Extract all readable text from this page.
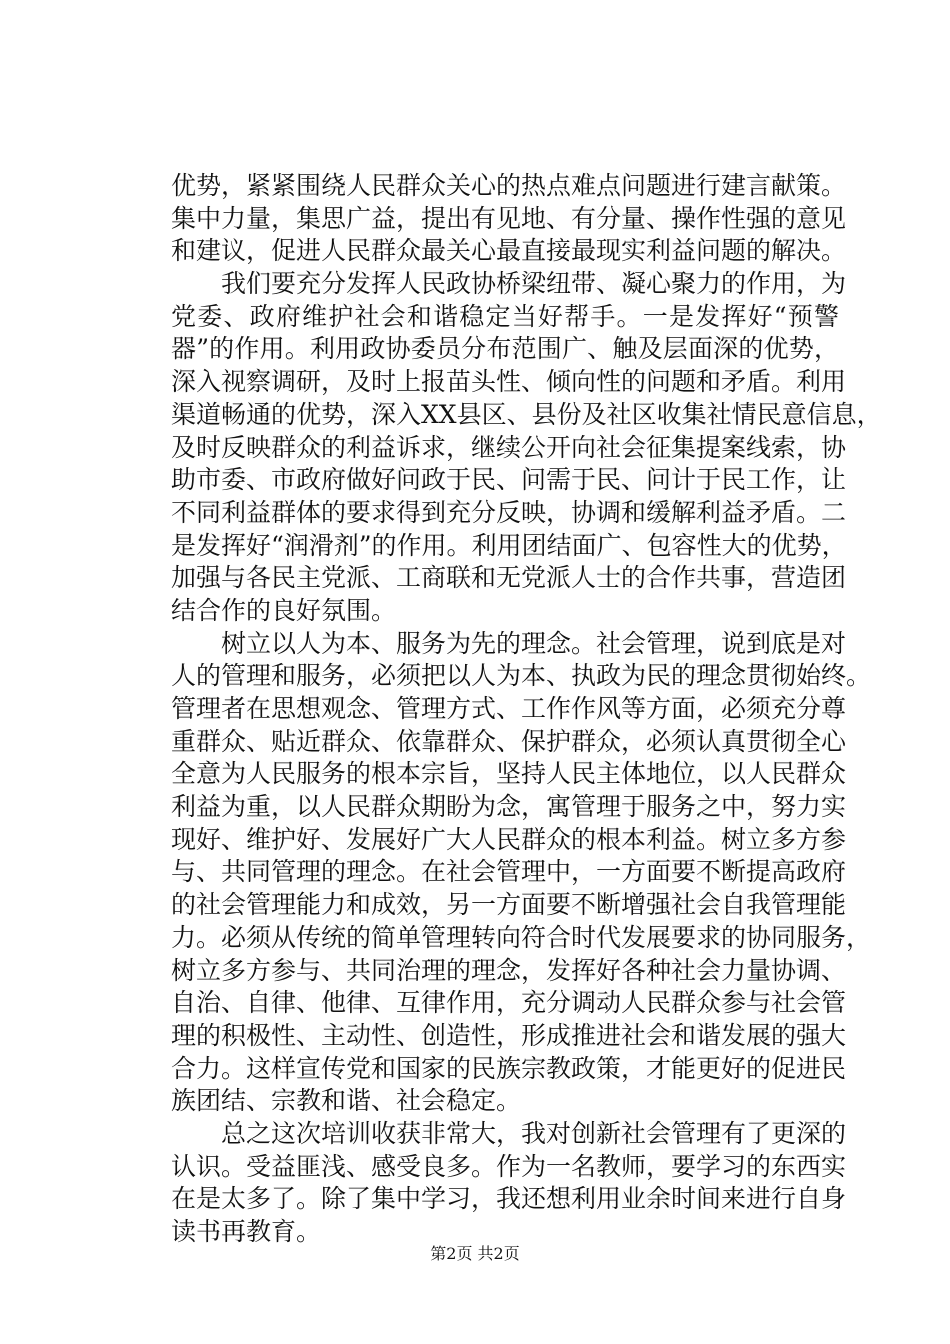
优势，紧紧围绕人民群众关心的热点难点问题进行建言献策。
集中力量，集思广益，提出有见地、有分量、操作性强的意见
和建议，促进人民群众最关心最直接最现实利益问题的解决。
我们要充分发挥人民政协桥梁纽带、凝心聚力的作用，为
党委、政府维护社会和谐稳定当好帮手。一是发挥好“预警
器”的作用。利用政协委员分布范围广、触及层面深的优势，
深入视察调研，及时上报苗头性、倾向性的问题和矛盾。利用
渠道畅通的优势，深入XX县区、县份及社区收集社情民意信息，
及时反映群众的利益诉求，继续公开向社会征集提案线索，协
助市委、市政府做好问政于民、问需于民、问计于民工作，让
不同利益群体的要求得到充分反映，协调和缓解利益矛盾。二
是发挥好“润滑剂”的作用。利用团结面广、包容性大的优势，
加强与各民主党派、工商联和无党派人士的合作共事，营造团
结合作的良好氛围。
树立以人为本、服务为先的理念。社会管理，说到底是对
人的管理和服务，必须把以人为本、执政为民的理念贯彻始终。
管理者在思想观念、管理方式、工作作风等方面，必须充分尊
重群众、贴近群众、依靠群众、保护群众，必须认真贯彻全心
全意为人民服务的根本宗旨，坚持人民主体地位，以人民群众
利益为重，以人民群众期盼为念，寓管理于服务之中，努力实
现好、维护好、发展好广大人民群众的根本利益。树立多方参
与、共同管理的理念。在社会管理中，一方面要不断提高政府
的社会管理能力和成效，另一方面要不断增强社会自我管理能
力。必须从传统的简单管理转向符合时代发展要求的协同服务，
树立多方参与、共同治理的理念，发挥好各种社会力量协调、
自治、自律、他律、互律作用，充分调动人民群众参与社会管
理的积极性、主动性、创造性，形成推进社会和谐发展的强大
合力。这样宣传党和国家的民族宗教政策，才能更好的促进民
族团结、宗教和谐、社会稳定。
总之这次培训收获非常大，我对创新社会管理有了更深的
认识。受益匪浅、感受良多。作为一名教师，要学习的东西实
在是太多了。除了集中学习，我还想利用业余时间来进行自身
读书再教育。
第2页 共2页
